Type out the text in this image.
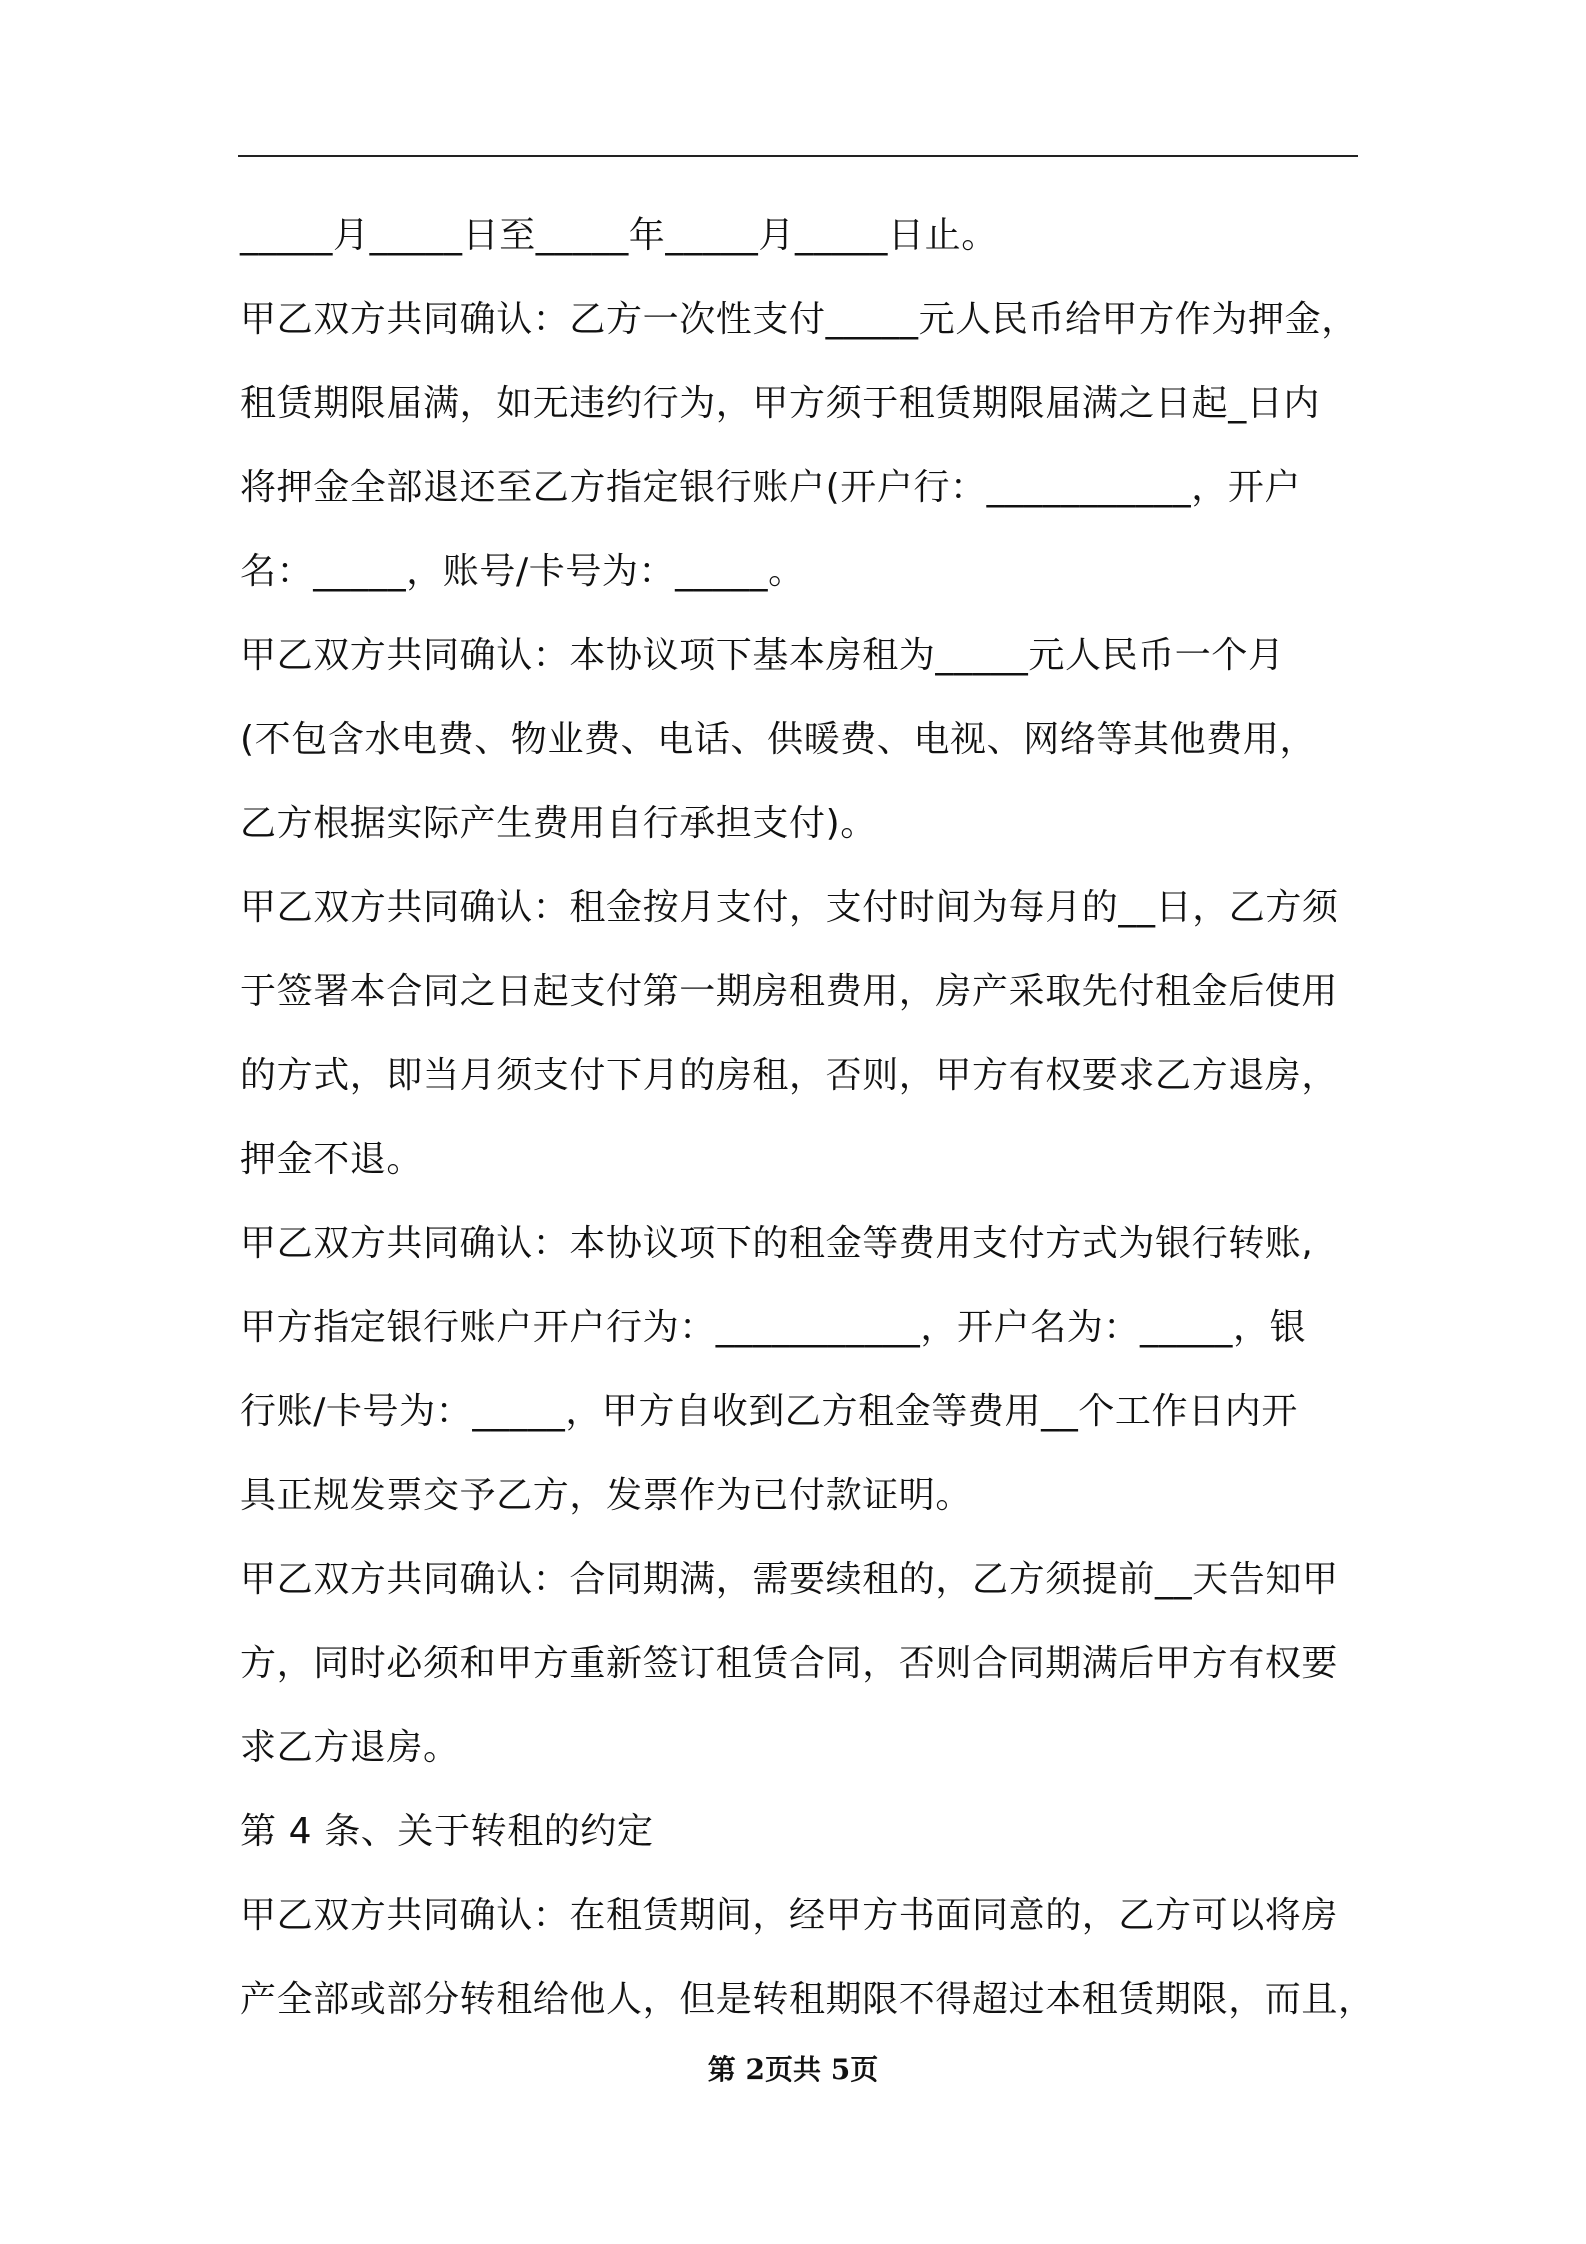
_____月_____日至_____年_____月_____日止。
甲乙双方共同确认：乙方一次性支付_____元人民币给甲方作为押金，
租赁期限届满，如无违约行为，甲方须于租赁期限届满之日起_日内
将押金全部退还至乙方指定银行账户(开户行：___________，开户
名：_____，账号/卡号为：_____。
甲乙双方共同确认：本协议项下基本房租为_____元人民币一个月
(不包含水电费、物业费、电话、供暖费、电视、网络等其他费用，
乙方根据实际产生费用自行承担支付)。
甲乙双方共同确认：租金按月支付，支付时间为每月的__日，乙方须
于签署本合同之日起支付第一期房租费用，房产采取先付租金后使用
的方式，即当月须支付下月的房租，否则，甲方有权要求乙方退房，
押金不退。
甲乙双方共同确认：本协议项下的租金等费用支付方式为银行转账,
甲方指定银行账户开户行为：___________，开户名为：_____，银
行账/卡号为：_____，甲方自收到乙方租金等费用__个工作日内开
具正规发票交予乙方，发票作为已付款证明。
甲乙双方共同确认：合同期满，需要续租的，乙方须提前__天告知甲
方，同时必须和甲方重新签订租赁合同，否则合同期满后甲方有权要
求乙方退房。
第 4 条、关于转租的约定
甲乙双方共同确认：在租赁期间，经甲方书面同意的，乙方可以将房
产全部或部分转租给他人，但是转租期限不得超过本租赁期限，而且，
第 2页共 5页
